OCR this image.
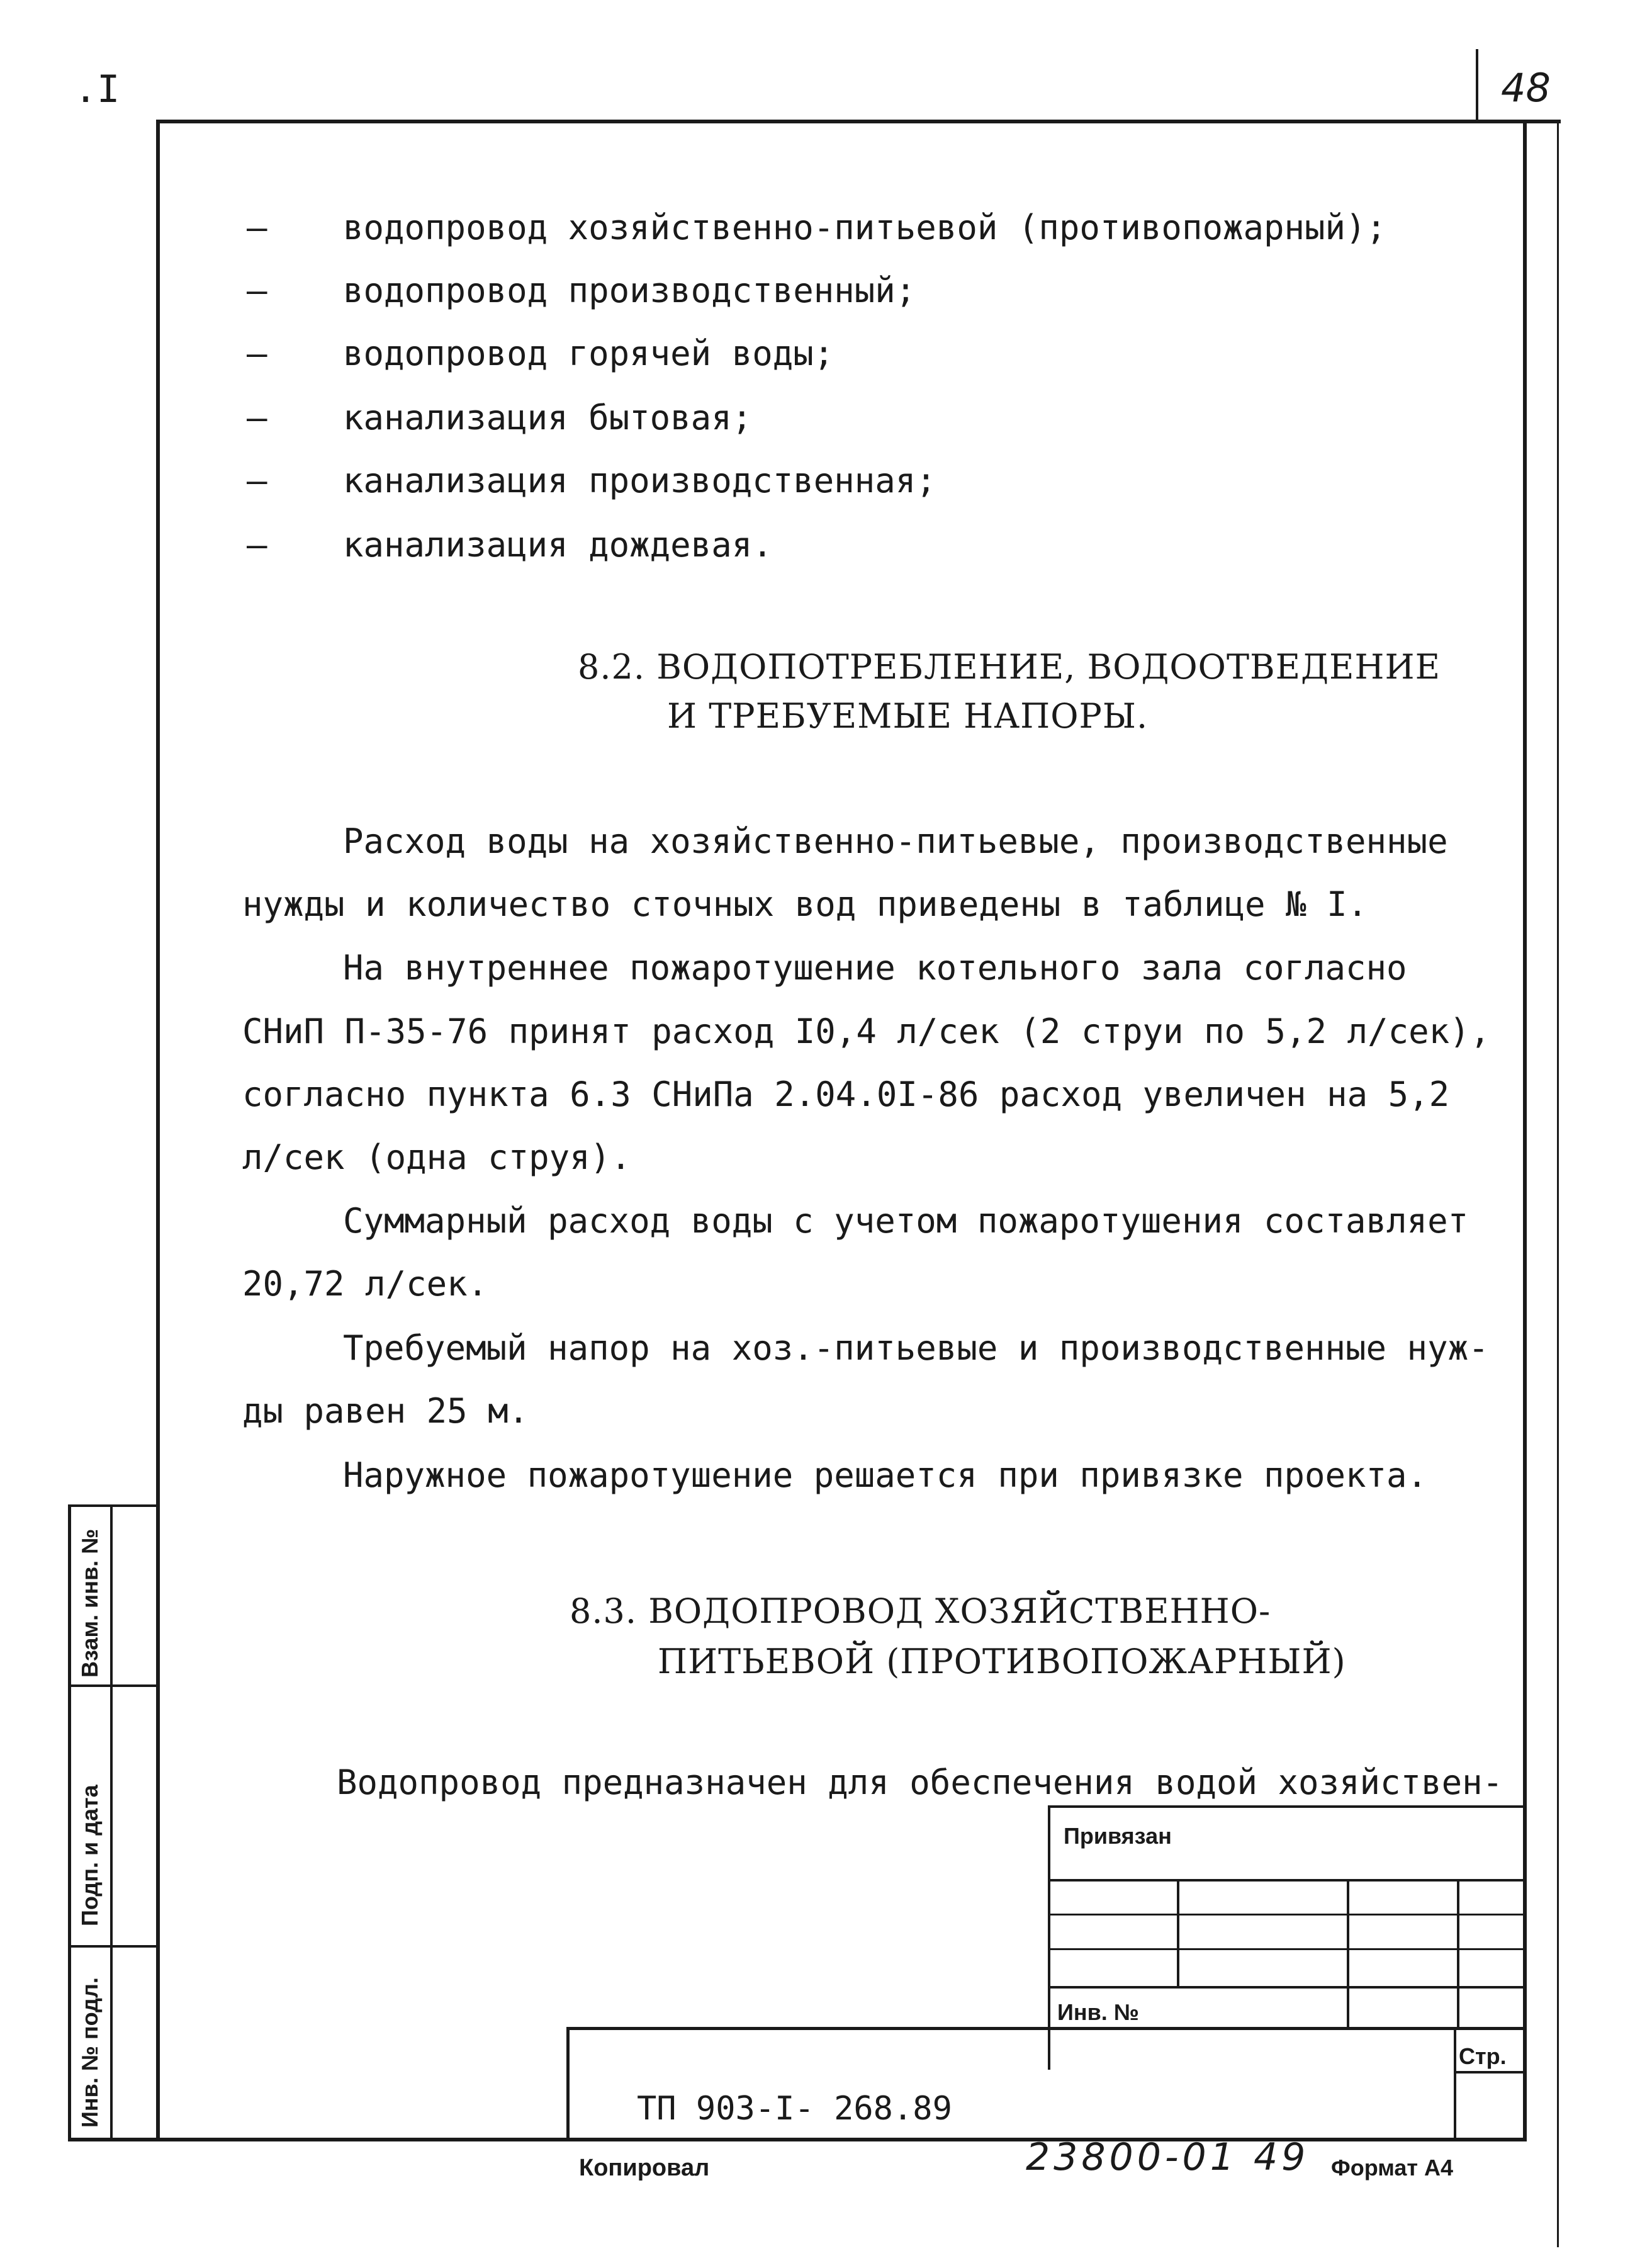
.I	48
Взам. инв. №
Подп. и дата
Инв. № подл.
– водопровод хозяйственно-питьевой (противопожарный);
– водопровод производственный;
– водопровод горячей воды;
– канализация бытовая;
– канализация производственная;
– канализация дождевая.
8.2. ВОДОПОТРЕБЛЕНИЕ, ВОДООТВЕДЕНИЕ
И ТРЕБУЕМЫЕ НАПОРЫ.
Расход воды на хозяйственно-питьевые, производственные
нужды и количество сточных вод приведены в таблице № I.
На внутреннее пожаротушение котельного зала согласно
СНиП П-35-76 принят расход I0,4 л/сек (2 струи по 5,2 л/сек),
согласно пункта 6.3 СНиПа 2.04.0I-86 расход увеличен на 5,2
л/сек (одна струя).
Суммарный расход воды с учетом пожаротушения составляет
20,72 л/сек.
Требуемый напор на хоз.-питьевые и производственные нуж-
ды равен 25 м.
Наружное пожаротушение решается при привязке проекта.
8.3. ВОДОПРОВОД ХОЗЯЙСТВЕННО-
ПИТЬЕВОЙ (ПРОТИВОПОЖАРНЫЙ)
Водопровод предназначен для обеспечения водой хозяйствен-
Привязан
Инв. №
Стр.
ТП 903-I- 268.89
Копировал	23800-01 49 Формат А4
